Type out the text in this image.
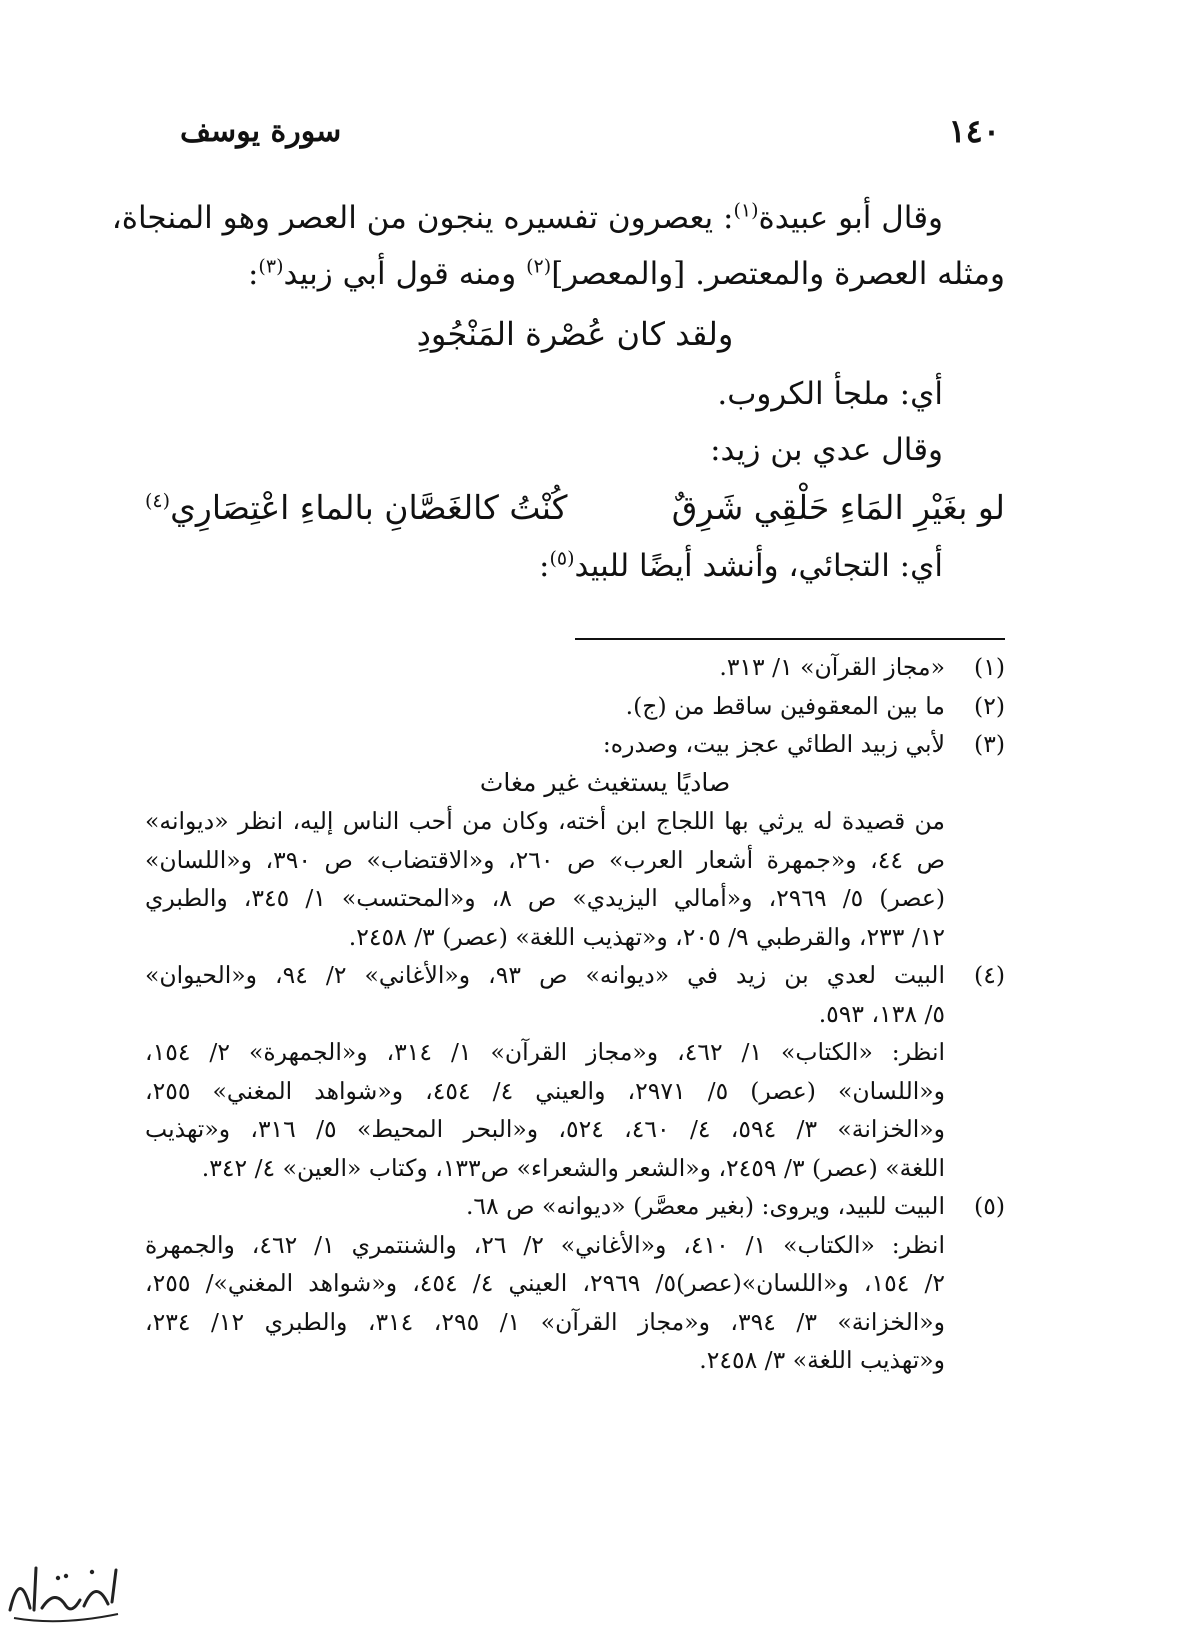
١٤٠
سورة يوسف

وقال أبو عبيدة$^{(١)}$: يعصرون تفسيره ينجون من العصر وهو المنجاة،

ومثله العصرة والمعتصر. [والمعصر]$^{(٢)}$ ومنه قول أبي زبيد$^{(٣)}$:

ولقد كان عُصْرة المَنْجُودِ

أي: ملجأ الكروب.

وقال عدي بن زيد:

لو بغَيْرِ المَاءِ حَلْقِي شَرِقٌ
كُنْتُ كالغَصَّانِ بالماءِ اعْتِصَارِي$^{(٤)}$

أي: التجائي، وأنشد أيضًا للبيد$^{(٥)}$:

(١)

«مجاز القرآن» ١/ ٣١٣.

(٢)

ما بين المعقوفين ساقط من (ج).

(٣)

لأبي زبيد الطائي عجز بيت، وصدره:

صاديًا يستغيث غير مغاث

من قصيدة له يرثي بها اللجاج ابن أخته، وكان من أحب الناس إليه، انظر «ديوانه»

ص ٤٤، و«جمهرة أشعار العرب» ص ٢٦٠، و«الاقتضاب» ص ٣٩٠، و«اللسان»

(عصر) ٥/ ٢٩٦٩، و«أمالي اليزيدي» ص ٨، و«المحتسب» ١/ ٣٤٥، والطبري

١٢/ ٢٣٣، والقرطبي ٩/ ٢٠٥، و«تهذيب اللغة» (عصر) ٣/ ٢٤٥٨.

(٤)

البيت لعدي بن زيد في «ديوانه» ص ٩٣، و«الأغاني» ٢/ ٩٤، و«الحيوان»

٥/ ١٣٨، ٥٩٣.

انظر: «الكتاب» ١/ ٤٦٢، و«مجاز القرآن» ١/ ٣١٤، و«الجمهرة» ٢/ ١٥٤،

و«اللسان» (عصر) ٥/ ٢٩٧١، والعيني ٤/ ٤٥٤، و«شواهد المغني» ٢٥٥،

و«الخزانة» ٣/ ٥٩٤، ٤/ ٤٦٠، ٥٢٤، و«البحر المحيط» ٥/ ٣١٦، و«تهذيب

اللغة» (عصر) ٣/ ٢٤٥٩، و«الشعر والشعراء» ص١٣٣، وكتاب «العين» ٤/ ٣٤٢.

(٥)

البيت للبيد، ويروى: (بغير معصَّر) «ديوانه» ص ٦٨.

انظر: «الكتاب» ١/ ٤١٠، و«الأغاني» ٢/ ٢٦، والشنتمري ١/ ٤٦٢، والجمهرة

٢/ ١٥٤، و«اللسان»(عصر)٥/ ٢٩٦٩، العيني ٤/ ٤٥٤، و«شواهد المغني»/ ٢٥٥،

و«الخزانة» ٣/ ٣٩٤، و«مجاز القرآن» ١/ ٢٩٥، ٣١٤، والطبري ١٢/ ٢٣٤،

و«تهذيب اللغة» ٣/ ٢٤٥٨.
